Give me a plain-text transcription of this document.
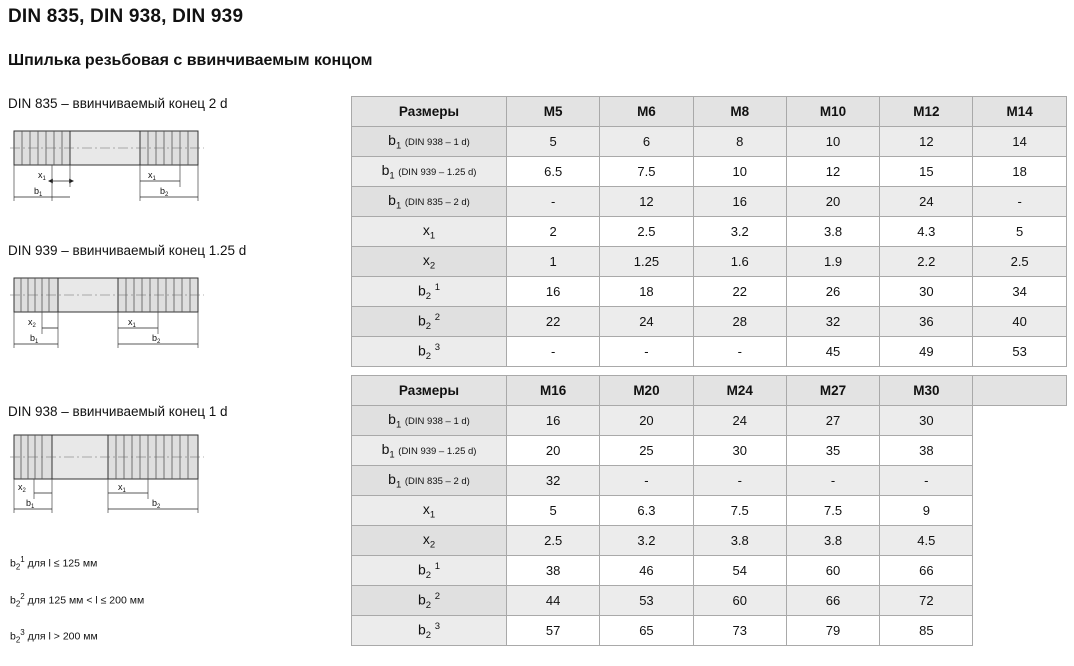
DIN 835, DIN 938, DIN 939
Шпилька резьбовая с ввинчиваемым концом
DIN 835 – ввинчиваемый конец 2 d
$x_1$
$b_1$
$x_1$
$b_2$
DIN 939 – ввинчиваемый конец 1.25 d
$x_2$
$b_1$
$x_1$
$b_2$
DIN 938 – ввинчиваемый конец 1 d
$x_2$
$b_1$
$x_1$
$b_2$
$b_2^1$ для l ≤ 125 мм
$b_2^2$ для 125 мм < l ≤ 200 мм
$b_2^3$ для l > 200 мм
Размеры	M5	M6	M8	M10	M12	M14
$b_1$ (DIN 938 – 1 d)	5	6	8	10	12	14
$b_1$ (DIN 939 – 1.25 d)	6.5	7.5	10	12	15	18
$b_1$ (DIN 835 – 2 d)	-	12	16	20	24	-
$x_1$	2	2.5	3.2	3.8	4.3	5
$x_2$	1	1.25	1.6	1.9	2.2	2.5
$b_2$ $^1$	16	18	22	26	30	34
$b_2$ $^2$	22	24	28	32	36	40
$b_2$ $^3$	-	-	-	45	49	53
Размеры	M16	M20	M24	M27	M30	
$b_1$ (DIN 938 – 1 d)	16	20	24	27	30	
$b_1$ (DIN 939 – 1.25 d)	20	25	30	35	38	
$b_1$ (DIN 835 – 2 d)	32	-	-	-	-	
$x_1$	5	6.3	7.5	7.5	9	
$x_2$	2.5	3.2	3.8	3.8	4.5	
$b_2$ $^1$	38	46	54	60	66	
$b_2$ $^2$	44	53	60	66	72	
$b_2$ $^3$	57	65	73	79	85	
